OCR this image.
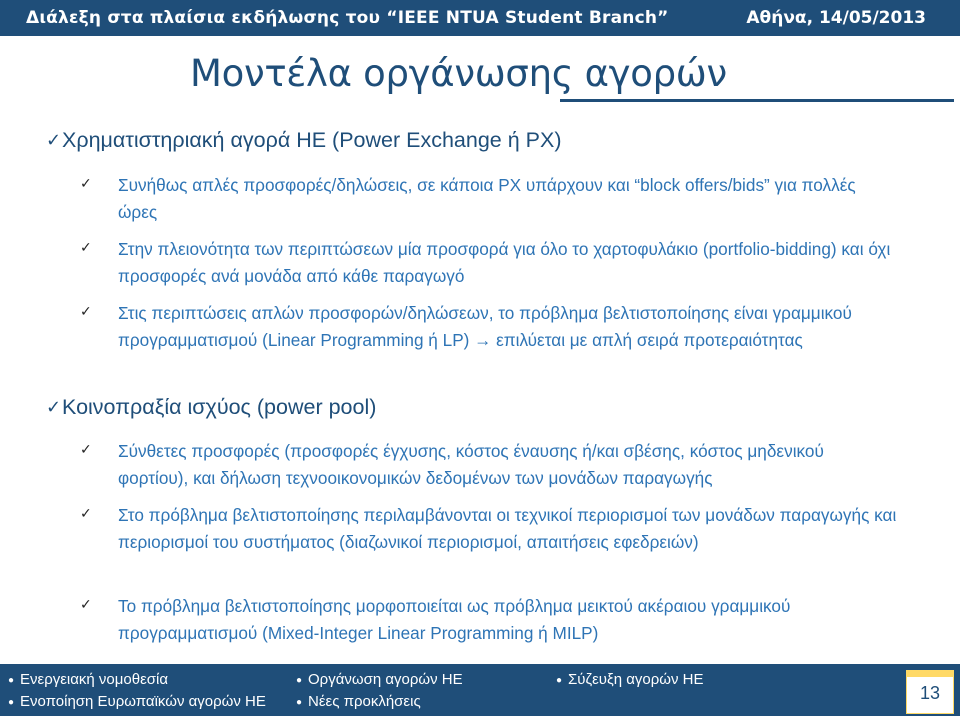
Διάλεξη στα πλαίσια εκδήλωσης του “IEEE NTUA Student Branch”	Αθήνα, 14/05/2013
Μοντέλα οργάνωσης αγορών
✓ Χρηματιστηριακή αγορά ΗΕ (Power Exchange ή PX)
✓ Συνήθως απλές προσφορές/δηλώσεις, σε κάποια PX υπάρχουν και “block offers/bids” για πολλές ώρες
✓ Στην πλειονότητα των περιπτώσεων μία προσφορά για όλο το χαρτοφυλάκιο (portfolio-bidding) και όχι προσφορές ανά μονάδα από κάθε παραγωγό
✓ Στις περιπτώσεις απλών προσφορών/δηλώσεων, το πρόβλημα βελτιστοποίησης είναι γραμμικού προγραμματισμού (Linear Programming ή LP) → επιλύεται με απλή σειρά προτεραιότητας
✓ Κοινοπραξία ισχύος (power pool)
✓ Σύνθετες προσφορές (προσφορές έγχυσης, κόστος έναυσης ή/και σβέσης, κόστος μηδενικού φορτίου), και δήλωση τεχνοοικονομικών δεδομένων των μονάδων παραγωγής
✓ Στο πρόβλημα βελτιστοποίησης περιλαμβάνονται οι τεχνικοί περιορισμοί των μονάδων παραγωγής και περιορισμοί του συστήματος (διαζωνικοί περιορισμοί, απαιτήσεις εφεδρειών)
✓ Το πρόβλημα βελτιστοποίησης μορφοποιείται ως πρόβλημα μεικτού ακέραιου γραμμικού προγραμματισμού (Mixed-Integer Linear Programming ή MILP)
● Ενεργειακή νομοθεσία
● Ενοποίηση Ευρωπαϊκών αγορών ΗΕ
● Οργάνωση αγορών ΗΕ
● Νέες προκλήσεις
● Σύζευξη αγορών ΗΕ
13
